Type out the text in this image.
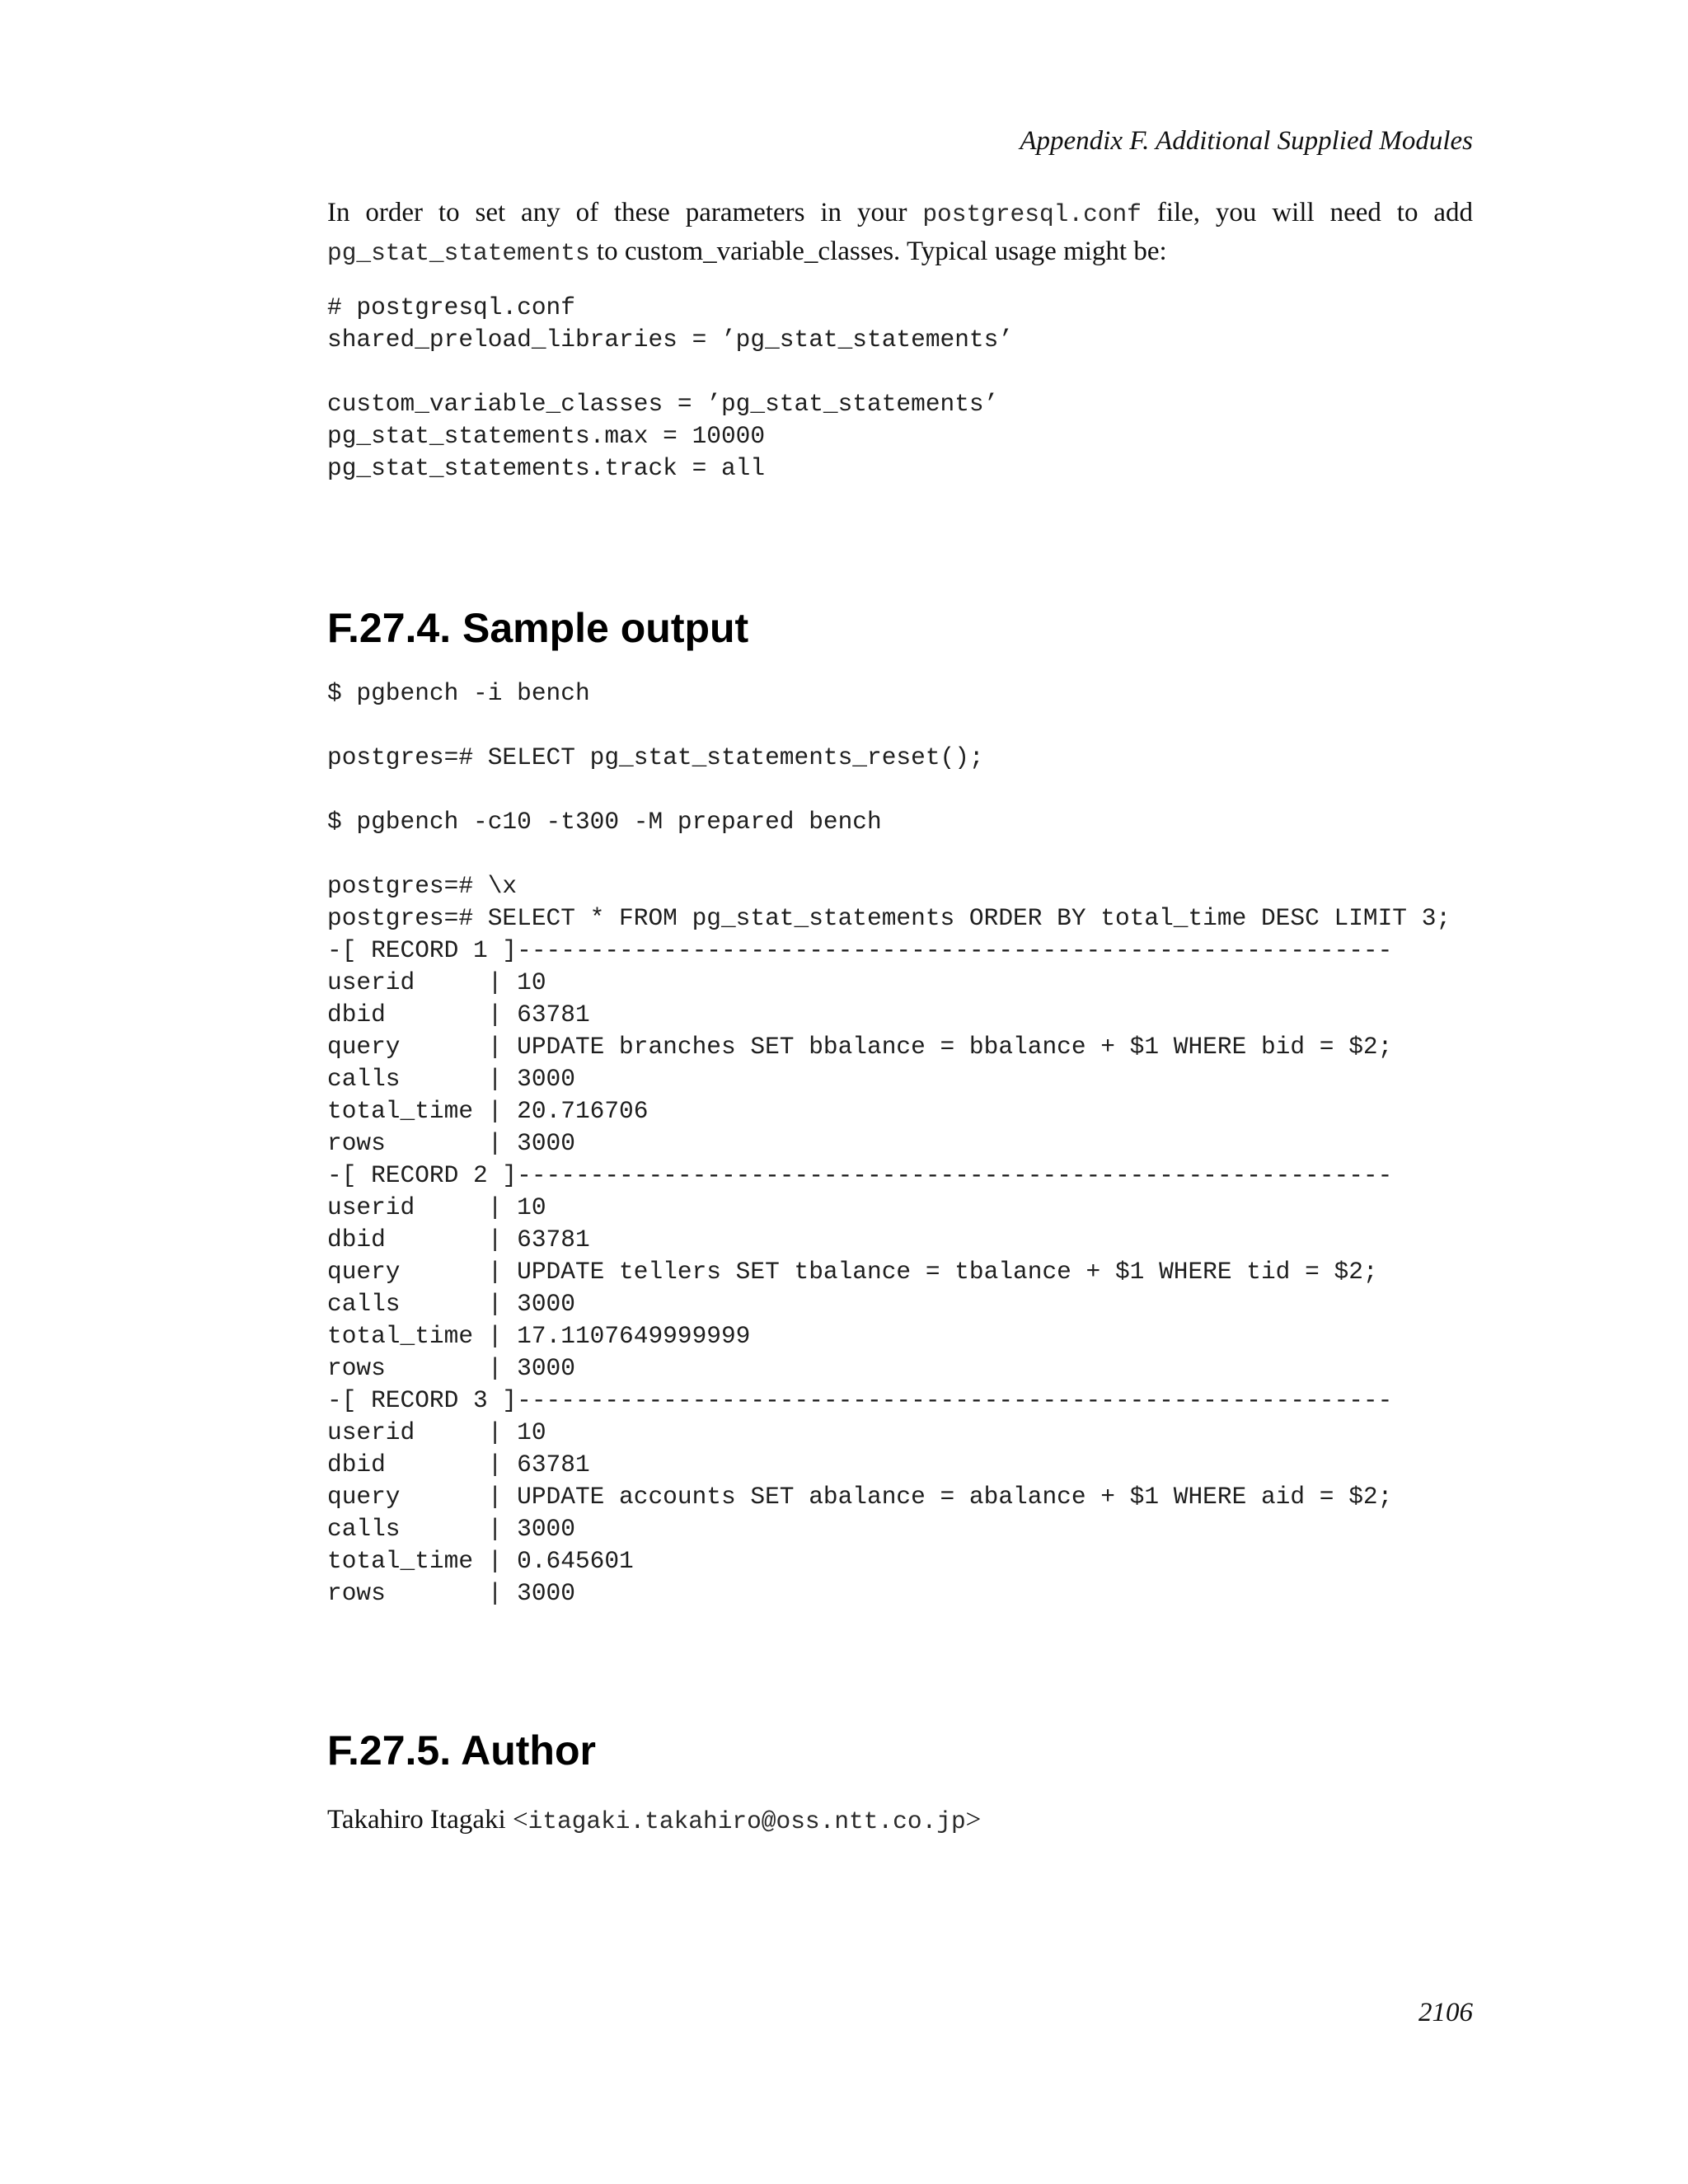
Appendix F. Additional Supplied Modules

In order to set any of these parameters in your postgresql.conf file, you will need to add
pg_stat_statements to custom_variable_classes. Typical usage might be:

# postgresql.conf
shared_preload_libraries = ’pg_stat_statements’

custom_variable_classes = ’pg_stat_statements’
pg_stat_statements.max = 10000
pg_stat_statements.track = all
F.27.4. Sample output
$ pgbench -i bench

postgres=# SELECT pg_stat_statements_reset();

$ pgbench -c10 -t300 -M prepared bench

postgres=# \x
postgres=# SELECT * FROM pg_stat_statements ORDER BY total_time DESC LIMIT 3;
-[ RECORD 1 ]------------------------------------------------------------
userid     | 10
dbid       | 63781
query      | UPDATE branches SET bbalance = bbalance + $1 WHERE bid = $2;
calls      | 3000
total_time | 20.716706
rows       | 3000
-[ RECORD 2 ]------------------------------------------------------------
userid     | 10
dbid       | 63781
query      | UPDATE tellers SET tbalance = tbalance + $1 WHERE tid = $2;
calls      | 3000
total_time | 17.1107649999999
rows       | 3000
-[ RECORD 3 ]------------------------------------------------------------
userid     | 10
dbid       | 63781
query      | UPDATE accounts SET abalance = abalance + $1 WHERE aid = $2;
calls      | 3000
total_time | 0.645601
rows       | 3000
F.27.5. Author

Takahiro Itagaki <itagaki.takahiro@oss.ntt.co.jp>

2106
